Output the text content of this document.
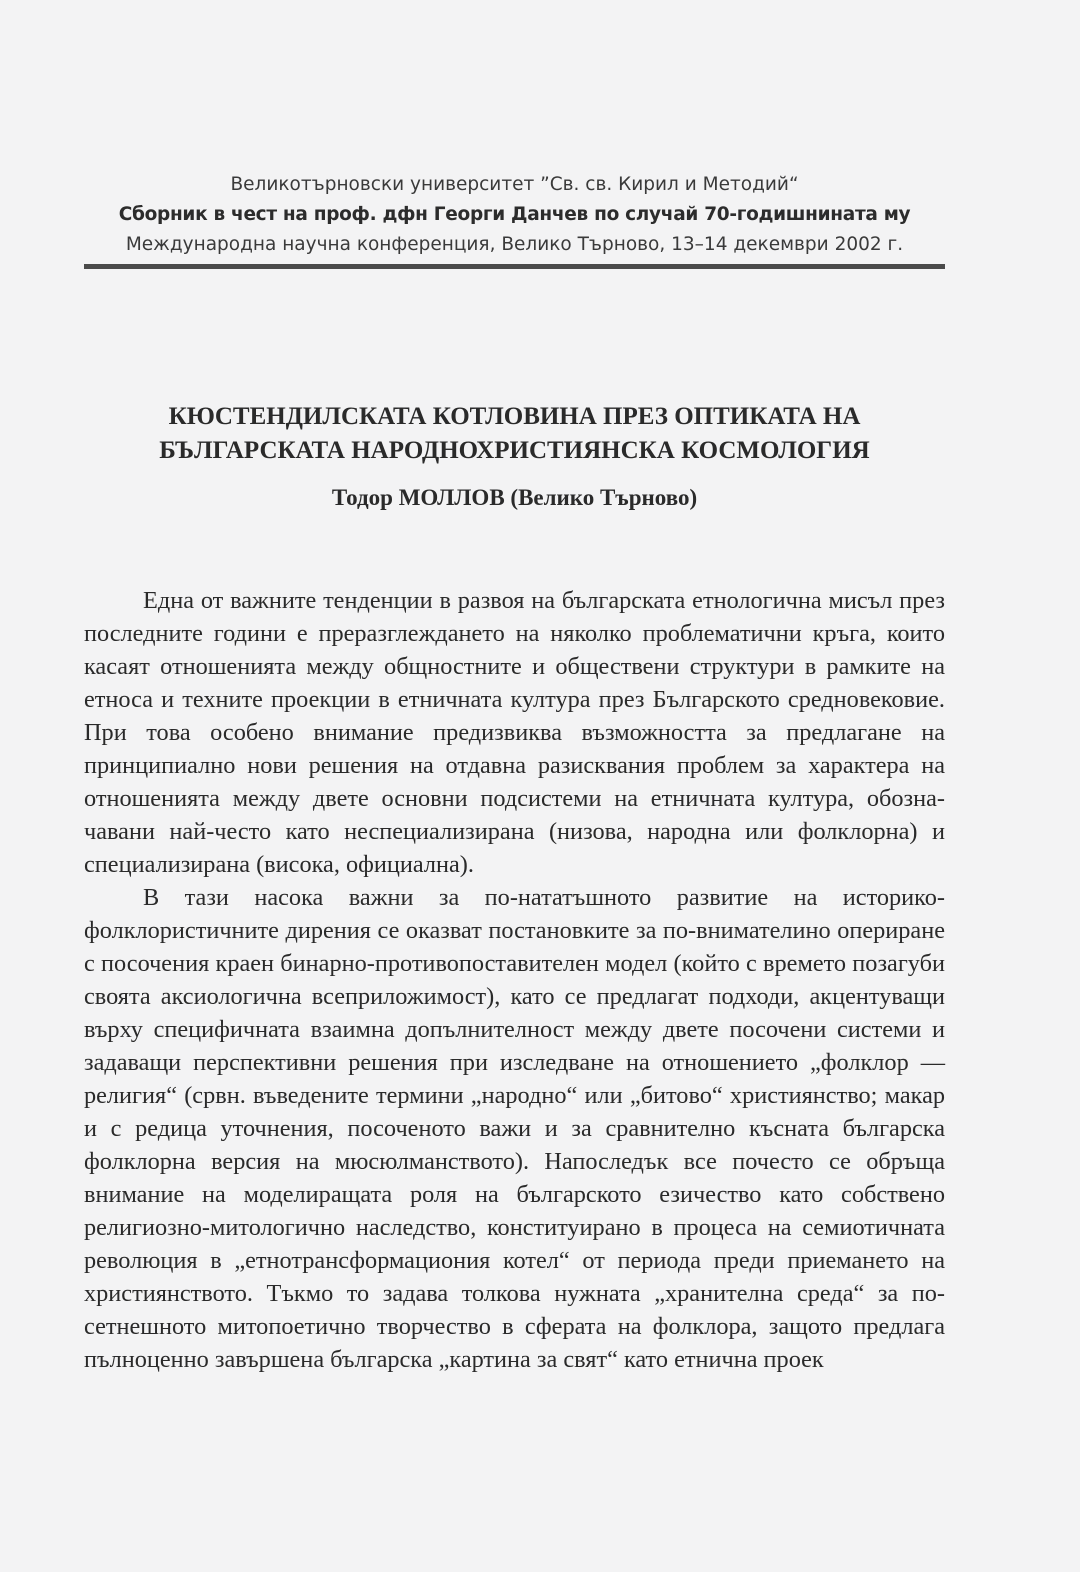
Великотърновски университет ”Св. св. Кирил и Методий“
Сборник в чест на проф. дфн Георги Данчев по случай 70-годишнината му
Международна научна конференция, Велико Търново, 13–14 декември 2002 г.
КЮСТЕНДИЛСКАТА КОТЛОВИНА ПРЕЗ ОПТИКАТА НА
БЪЛГАРСКАТА НАРОДНОХРИСТИЯНСКА КОСМОЛОГИЯ
Тодор МОЛЛОВ (Велико Търново)

Една от важните тенденции в развоя на българската етнологична мисъл през последните години е преразглеждането на няколко проблематични кръга, които касаят отношенията между общностните и обществени структури в рамките на етноса и техните проекции в етничната култура през Българското средновековие. При това особено внимание предизвиква възможността за предлагане на принципиално нови решения на отдавна разисквания проблем за характера на отношенията между двете основни подсистеми на етничната култура, обозначавани най-често като неспециализирана (низова, народна или фолклорна) и специализирана (висока, официална).

В тази насока важни за по-нататъшното развитие на историкофолклористичните дирения се оказват постановките за по-внимателино опериране с посочения краен бинарно-противопоставителен модел (който с времето позагуби своята аксиологична всеприложимост), като се предлагат подходи, акцентуващи върху специфичната взаимна допълнителност между двете посочени системи и задаващи перспективни решения при изследване на отношението „фолклор — религия“ (срвн. въведените термини „народно“ или „битово“ християнство; макар и с редица уточнения, посоченото важи и за сравнително късната българска фолклорна версия на мюсюлманството). Напоследък все почесто се обръща внимание на моделиращата роля на българското езичество като собствено религиозно-митологично наследство, конституирано в процеса на семиотичната революция в „етнотрансформациония котел“ от периода преди приемането на християнството. Тъкмо то задава толкова нужната „хранителна среда“ за по-сетнешното митопоетично творчество в сферата на фолклора, защото предлага пълноценно завършена българска „картина за свят“ като етнична проек
